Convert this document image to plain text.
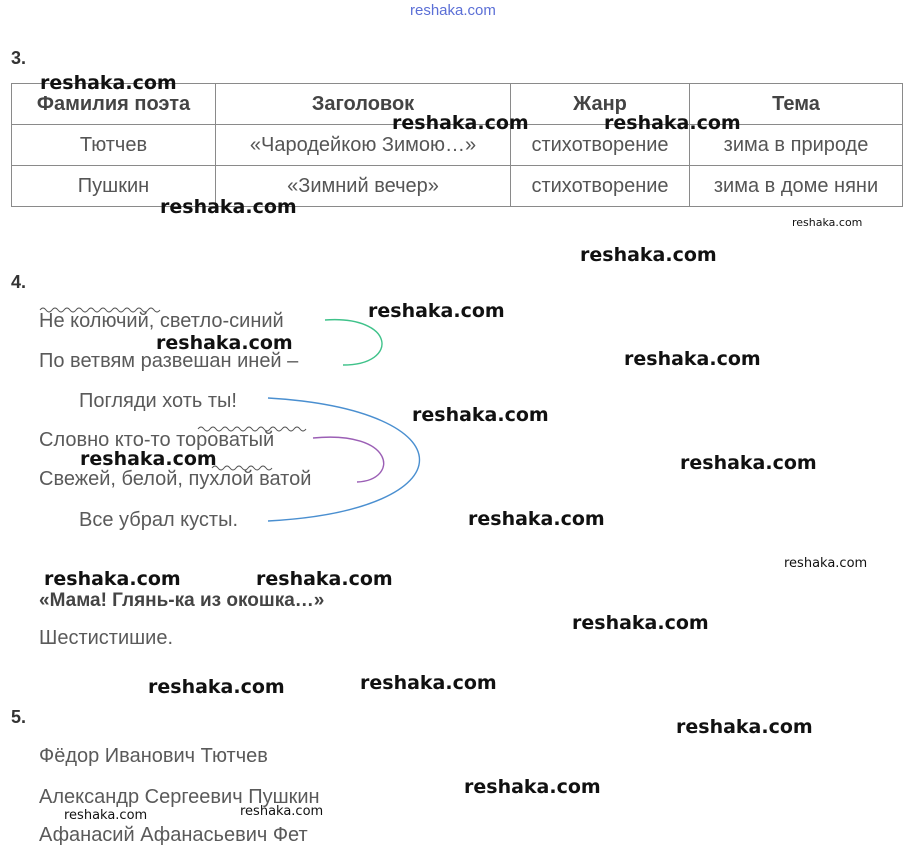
reshaka.com
3.
Фамилия поэта	Заголовок	Жанр	Тема
Тютчев	«Чародейкою Зимою…»	стихотворение	зима в природе
Пушкин	«Зимний вечер»	стихотворение	зима в доме няни
4.
Не колючий, светло-синий
По ветвям развешан иней –
Погляди хоть ты!
Словно кто-то тороватый
Свежей, белой, пухлой ватой
Все убрал кусты.
«Мама! Глянь-ка из окошка…»
Шестистишие.
5.
Фёдор Иванович Тютчев
Александр Сергеевич Пушкин
Афанасий Афанасьевич Фет
reshaka.com
reshaka.com	reshaka.com
reshaka.com
reshaka.com
reshaka.com
reshaka.com
reshaka.com
reshaka.com
reshaka.com
reshaka.com	reshaka.com
reshaka.com
reshaka.com
reshaka.com	reshaka.com
reshaka.com
reshaka.com	reshaka.com
reshaka.com
reshaka.com
reshaka.com	reshaka.com
